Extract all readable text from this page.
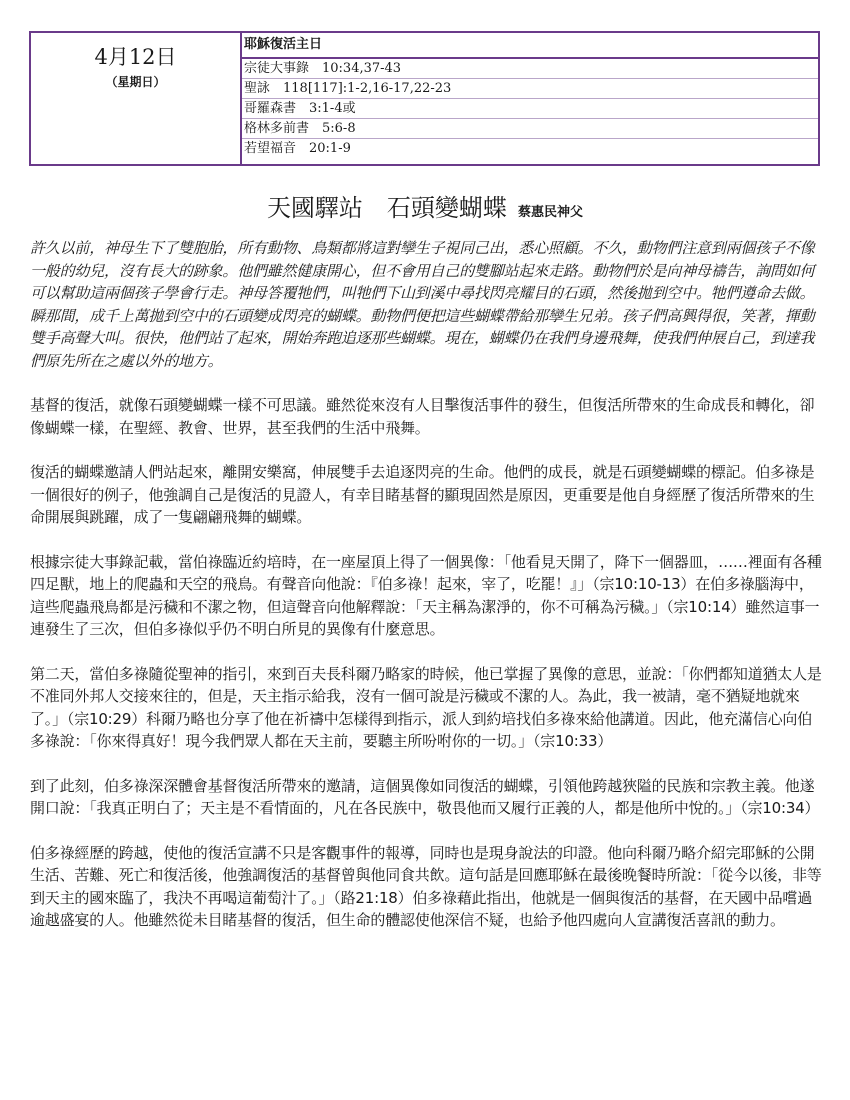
4月12日
（星期日）
耶穌復活主日
宗徒大事錄　10:34,37-43
聖詠　118[117]:1-2,16-17,22-23
哥羅森書　3:1-4或
格林多前書　5:6-8
若望福音　20:1-9
天國驛站　石頭變蝴蝶 蔡惠民神父

許久以前，神母生下了雙胞胎，所有動物、鳥類都將這對孿生子視同己出，悉心照顧。不久，動物們注意到兩個孩子不像一般的幼兒，沒有長大的跡象。他們雖然健康開心，但不會用自己的雙腳站起來走路。動物們於是向神母禱告，詢問如何可以幫助這兩個孩子學會行走。神母答覆牠們，叫牠們下山到溪中尋找閃亮耀目的石頭，然後拋到空中。牠們遵命去做。瞬那間，成千上萬拋到空中的石頭變成閃亮的蝴蝶。動物們便把這些蝴蝶帶給那孿生兄弟。孩子們高興得很，笑著，揮動雙手高聲大叫。很快，他們站了起來，開始奔跑追逐那些蝴蝶。現在，蝴蝶仍在我們身邊飛舞，使我們伸展自己，到達我們原先所在之處以外的地方。

基督的復活，就像石頭變蝴蝶一樣不可思議。雖然從來沒有人目擊復活事件的發生，但復活所帶來的生命成長和轉化，卻像蝴蝶一樣，在聖經、教會、世界，甚至我們的生活中飛舞。

復活的蝴蝶邀請人們站起來，離開安樂窩，伸展雙手去追逐閃亮的生命。他們的成長，就是石頭變蝴蝶的標記。伯多祿是一個很好的例子，他強調自己是復活的見證人，有幸目睹基督的顯現固然是原因，更重要是他自身經歷了復活所帶來的生命開展與跳躍，成了一隻翩翩飛舞的蝴蝶。

根據宗徒大事錄記載，當伯祿臨近約培時，在一座屋頂上得了一個異像：「他看見天開了，降下一個器皿，……裡面有各種四足獸，地上的爬蟲和天空的飛鳥。有聲音向他說：『伯多祿！起來，宰了，吃罷！』」（宗10:10-13）在伯多祿腦海中，這些爬蟲飛鳥都是污穢和不潔之物，但這聲音向他解釋說：「天主稱為潔淨的，你不可稱為污穢。」（宗10:14）雖然這事一連發生了三次，但伯多祿似乎仍不明白所見的異像有什麼意思。

第二天，當伯多祿隨從聖神的指引，來到百夫長科爾乃略家的時候，他已掌握了異像的意思，並說：「你們都知道猶太人是不准同外邦人交接來往的，但是，天主指示給我，沒有一個可說是污穢或不潔的人。為此，我一被請，毫不猶疑地就來了。」（宗10:29）科爾乃略也分享了他在祈禱中怎樣得到指示，派人到約培找伯多祿來給他講道。因此，他充滿信心向伯多祿說：「你來得真好！現今我們眾人都在天主前，要聽主所吩咐你的一切。」（宗10:33）

到了此刻，伯多祿深深體會基督復活所帶來的邀請，這個異像如同復活的蝴蝶，引領他跨越狹隘的民族和宗教主義。他遂開口說：「我真正明白了；天主是不看情面的，凡在各民族中，敬畏他而又履行正義的人，都是他所中悅的。」（宗10:34）

伯多祿經歷的跨越，使他的復活宣講不只是客觀事件的報導，同時也是現身說法的印證。他向科爾乃略介紹完耶穌的公開生活、苦難、死亡和復活後，他強調復活的基督曾與他同食共飲。這句話是回應耶穌在最後晚餐時所說：「從今以後，非等到天主的國來臨了，我決不再喝這葡萄汁了。」（路21:18）伯多祿藉此指出，他就是一個與復活的基督，在天國中品嚐過逾越盛宴的人。他雖然從未目睹基督的復活，但生命的體認使他深信不疑，也給予他四處向人宣講復活喜訊的動力。
